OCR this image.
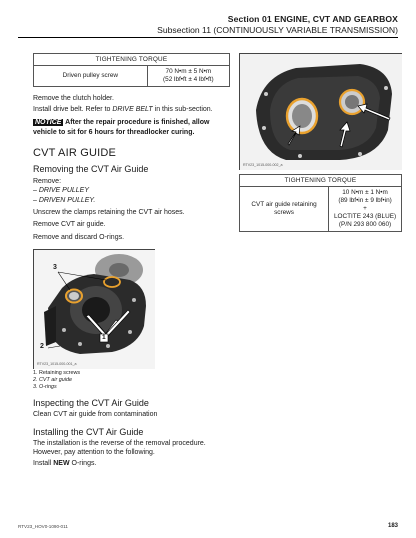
Section 01 ENGINE, CVT AND GEARBOX
Subsection 11 (CONTINUOUSLY VARIABLE TRANSMISSION)
TIGHTENING TORQUE
Driven pulley screw	
70 N•m ± 5 N•m
(52 lbf•ft ± 4 lbf•ft)

Remove the clutch holder.

Install drive belt. Refer to DRIVE BELT in this sub-section.

NOTICE After the repair procedure is finished, allow vehicle to sit for 6 hours for threadlocker curing.

CVT AIR GUIDE
Removing the CVT Air Guide

Remove:

– DRIVE PULLEY
– DRIVEN PULLEY.

Unscrew the clamps retaining the CVT air hoses.

Remove CVT air guide.

Remove and discard O-rings.

1
2
3
RTV23_1015-000-001_a
1. Retaining screws
2. CVT air guide
3. O-rings
Inspecting the CVT Air Guide

Clean CVT air guide from contamination

Installing the CVT Air Guide

The installation is the reverse of the removal procedure. However, pay attention to the following.

Install NEW O-rings.

RTV23_1015-000-002_a
TIGHTENING TORQUE

CVT air guide retaining
screws

10 N•m ± 1 N•m
(89 lbf•in ± 9 lbf•in)
+
LOCTITE 243 (BLUE)
(P/N 293 800 060)
RTV23_HOV0-1090-011	183
